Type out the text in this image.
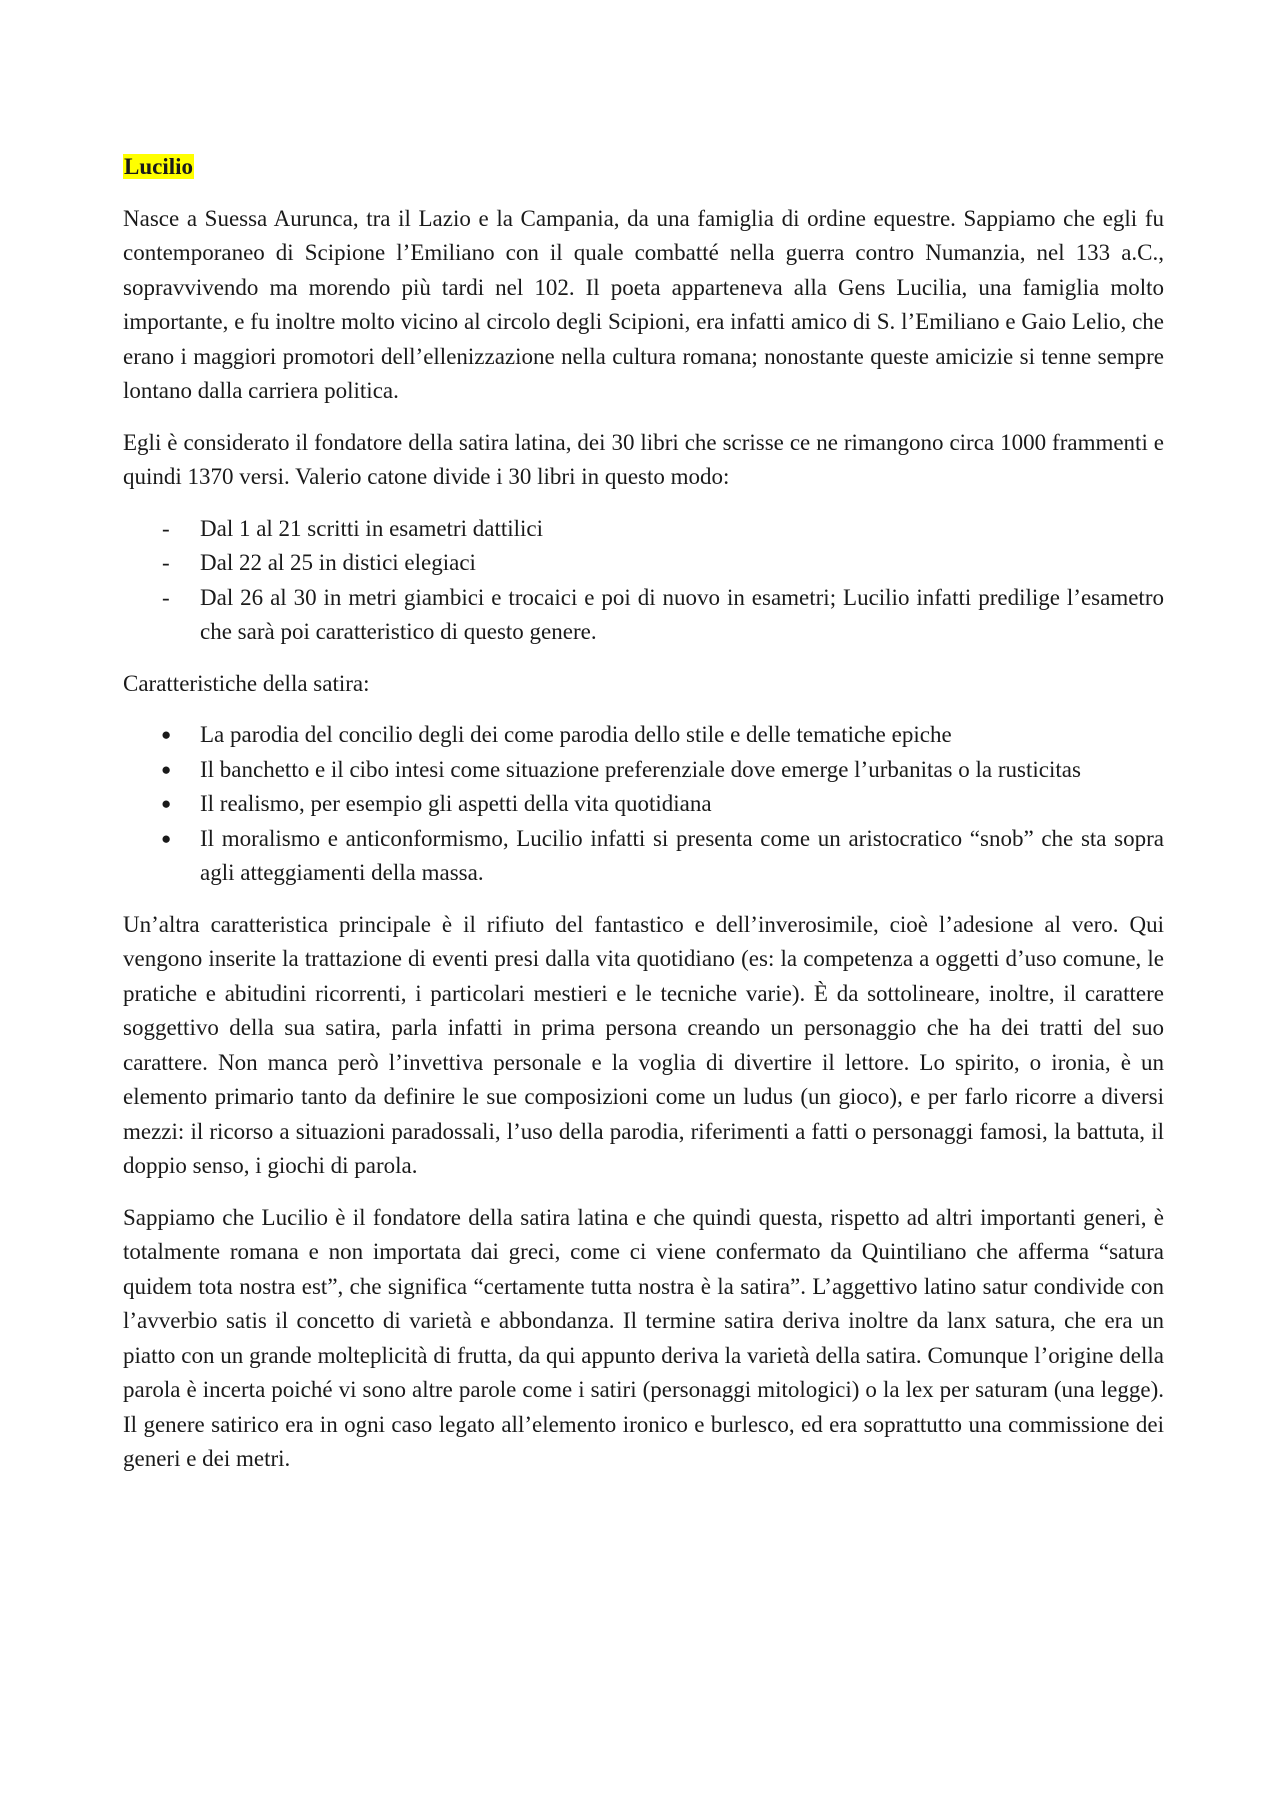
Lucilio

Nasce a Suessa Aurunca, tra il Lazio e la Campania, da una famiglia di ordine equestre. Sappiamo che egli fu contemporaneo di Scipione l’Emiliano con il quale combatté nella guerra contro Numanzia, nel 133 a.C., sopravvivendo ma morendo più tardi nel 102. Il poeta apparteneva alla Gens Lucilia, una famiglia molto importante, e fu inoltre molto vicino al circolo degli Scipioni, era infatti amico di S. l’Emiliano e Gaio Lelio, che erano i maggiori promotori dell’ellenizzazione nella cultura romana; nonostante queste amicizie si tenne sempre lontano dalla carriera politica.

Egli è considerato il fondatore della satira latina, dei 30 libri che scrisse ce ne rimangono circa 1000 frammenti e quindi 1370 versi. Valerio catone divide i 30 libri in questo modo:

-	Dal 1 al 21 scritti in esametri dattilici
-	Dal 22 al 25 in distici elegiaci
-	Dal 26 al 30 in metri giambici e trocaici e poi di nuovo in esametri; Lucilio infatti predilige l’esametro che sarà poi caratteristico di questo genere.

Caratteristiche della satira:

●	La parodia del concilio degli dei come parodia dello stile e delle tematiche epiche
●	Il banchetto e il cibo intesi come situazione preferenziale dove emerge l’urbanitas o la rusticitas
●	Il realismo, per esempio gli aspetti della vita quotidiana
●	Il moralismo e anticonformismo, Lucilio infatti si presenta come un aristocratico “snob” che sta sopra agli atteggiamenti della massa.

Un’altra caratteristica principale è il rifiuto del fantastico e dell’inverosimile, cioè l’adesione al vero. Qui vengono inserite la trattazione di eventi presi dalla vita quotidiano (es: la competenza a oggetti d’uso comune, le pratiche e abitudini ricorrenti, i particolari mestieri e le tecniche varie). È da sottolineare, inoltre, il carattere soggettivo della sua satira, parla infatti in prima persona creando un personaggio che ha dei tratti del suo carattere. Non manca però l’invettiva personale e la voglia di divertire il lettore. Lo spirito, o ironia, è un elemento primario tanto da definire le sue composizioni come un ludus (un gioco), e per farlo ricorre a diversi mezzi: il ricorso a situazioni paradossali, l’uso della parodia, riferimenti a fatti o personaggi famosi, la battuta, il doppio senso, i giochi di parola.

Sappiamo che Lucilio è il fondatore della satira latina e che quindi questa, rispetto ad altri importanti generi, è totalmente romana e non importata dai greci, come ci viene confermato da Quintiliano che afferma “satura quidem tota nostra est”, che significa “certamente tutta nostra è la satira”. L’aggettivo latino satur condivide con l’avverbio satis il concetto di varietà e abbondanza. Il termine satira deriva inoltre da lanx satura, che era un piatto con un grande molteplicità di frutta, da qui appunto deriva la varietà della satira. Comunque l’origine della parola è incerta poiché vi sono altre parole come i satiri (personaggi mitologici) o la lex per saturam (una legge). Il genere satirico era in ogni caso legato all’elemento ironico e burlesco, ed era soprattutto una commissione dei generi e dei metri.
